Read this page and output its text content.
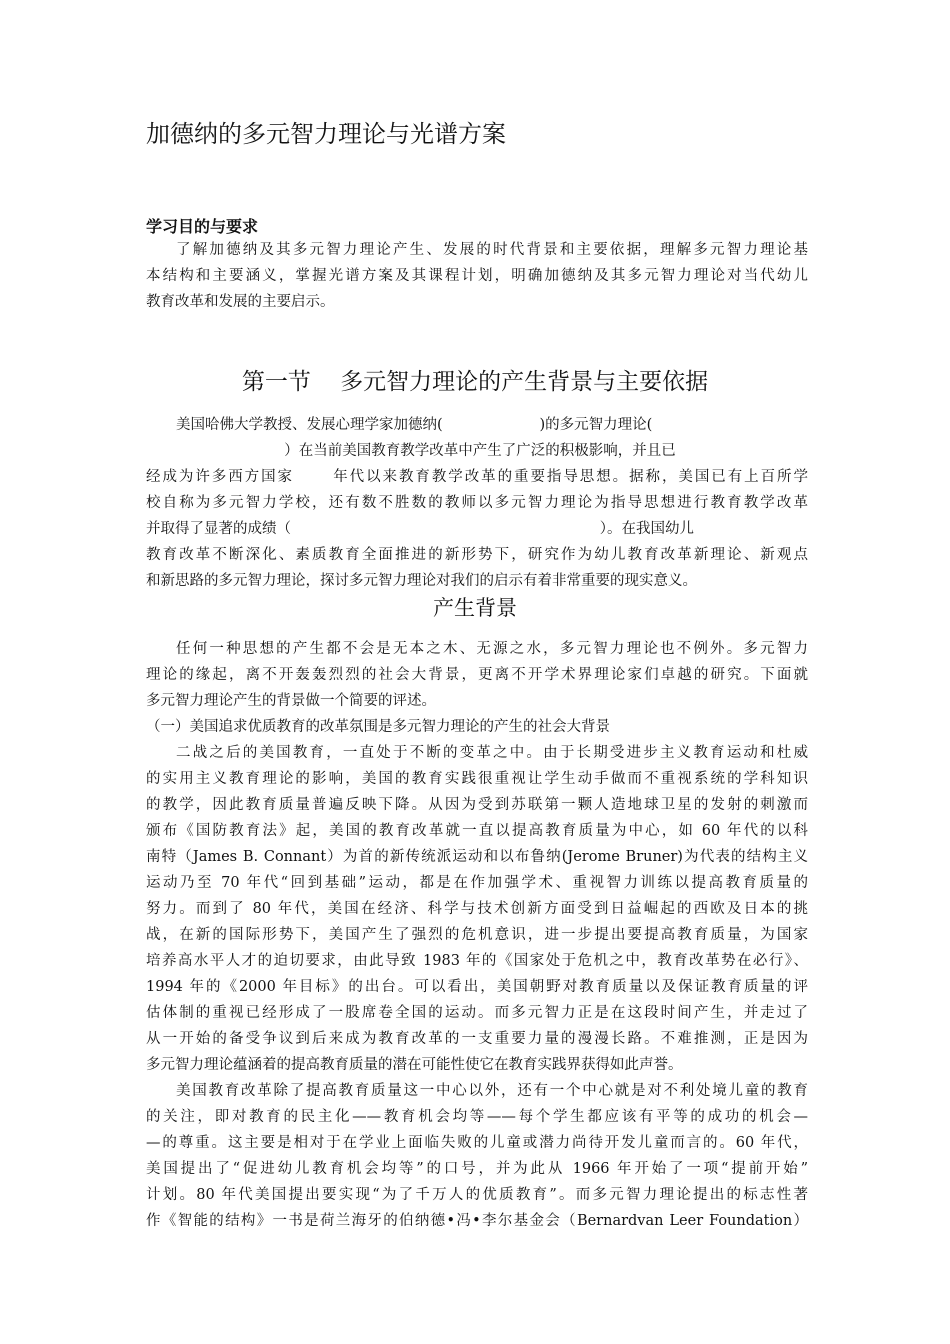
加德纳的多元智力理论与光谱方案
学习目的与要求
了解加德纳及其多元智力理论产生、发展的时代背景和主要依据，理解多元智力理论基
本结构和主要涵义，掌握光谱方案及其课程计划，明确加德纳及其多元智力理论对当代幼儿
教育改革和发展的主要启示。
第一节    多元智力理论的产生背景与主要依据
美国哈佛大学教授、发展心理学家加德纳(                     )的多元智力理论(
）在当前美国教育教学改革中产生了广泛的积极影响，并且已
经成为许多西方国家      年代以来教育教学改革的重要指导思想。据称，美国已有上百所学
校自称为多元智力学校，还有数不胜数的教师以多元智力理论为指导思想进行教育教学改革
并取得了显著的成绩（                                                                   ）。在我国幼儿
教育改革不断深化、素质教育全面推进的新形势下，研究作为幼儿教育改革新理论、新观点
和新思路的多元智力理论，探讨多元智力理论对我们的启示有着非常重要的现实意义。
产生背景
任何一种思想的产生都不会是无本之木、无源之水，多元智力理论也不例外。多元智力
理论的缘起，离不开轰轰烈烈的社会大背景，更离不开学术界理论家们卓越的研究。下面就
多元智力理论产生的背景做一个简要的评述。
（一）美国追求优质教育的改革氛围是多元智力理论的产生的社会大背景
二战之后的美国教育，一直处于不断的变革之中。由于长期受进步主义教育运动和杜威
的实用主义教育理论的影响，美国的教育实践很重视让学生动手做而不重视系统的学科知识
的教学，因此教育质量普遍反映下降。从因为受到苏联第一颗人造地球卫星的发射的刺激而
颁布《国防教育法》起，美国的教育改革就一直以提高教育质量为中心，如 60 年代的以科
南特（James B. Connant）为首的新传统派运动和以布鲁纳(Jerome Bruner)为代表的结构主义
运动乃至 70 年代“回到基础”运动，都是在作加强学术、重视智力训练以提高教育质量的
努力。而到了 80 年代，美国在经济、科学与技术创新方面受到日益崛起的西欧及日本的挑
战，在新的国际形势下，美国产生了强烈的危机意识，进一步提出要提高教育质量，为国家
培养高水平人才的迫切要求，由此导致 1983 年的《国家处于危机之中，教育改革势在必行》、
1994 年的《2000 年目标》的出台。可以看出，美国朝野对教育质量以及保证教育质量的评
估体制的重视已经形成了一股席卷全国的运动。而多元智力正是在这段时间产生，并走过了
从一开始的备受争议到后来成为教育改革的一支重要力量的漫漫长路。不难推测，正是因为
多元智力理论蕴涵着的提高教育质量的潜在可能性使它在教育实践界获得如此声誉。
美国教育改革除了提高教育质量这一中心以外，还有一个中心就是对不利处境儿童的教育
的关注，即对教育的民主化——教育机会均等——每个学生都应该有平等的成功的机会—
—的尊重。这主要是相对于在学业上面临失败的儿童或潜力尚待开发儿童而言的。60 年代，
美国提出了“促进幼儿教育机会均等”的口号，并为此从 1966 年开始了一项“提前开始”
计划。80 年代美国提出要实现“为了千万人的优质教育”。而多元智力理论提出的标志性著
作《智能的结构》一书是荷兰海牙的伯纳德•冯•李尔基金会（Bernardvan Leer Foundation）
